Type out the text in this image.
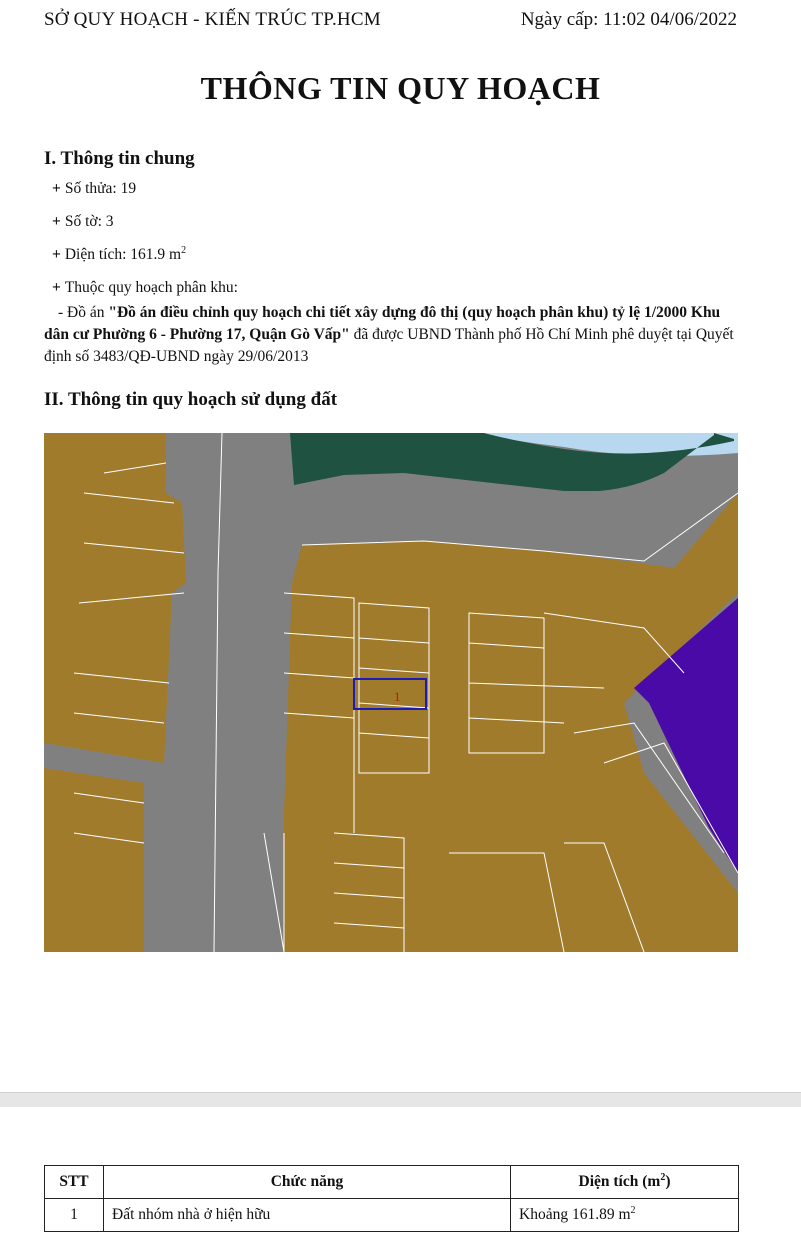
SỞ QUY HOẠCH - KIẾN TRÚC TP.HCM	Ngày cấp: 11:02 04/06/2022
THÔNG TIN QUY HOẠCH
I. Thông tin chung
+ Số thửa: 19
+ Số tờ: 3
+ Diện tích: 161.9 $m^2$
+ Thuộc quy hoạch phân khu:
- Đồ án "Đồ án điều chỉnh quy hoạch chi tiết xây dựng đô thị (quy hoạch phân khu) tỷ lệ 1/2000 Khu dân cư Phường 6 - Phường 17, Quận Gò Vấp" đã được UBND Thành phố Hồ Chí Minh phê duyệt tại Quyết định số 3483/QĐ-UBND ngày 29/06/2013
II. Thông tin quy hoạch sử dụng đất
1
STT	Chức năng	Diện tích $(m^2)$
1	Đất nhóm nhà ở hiện hữu	Khoảng 161.89 $m^2$
